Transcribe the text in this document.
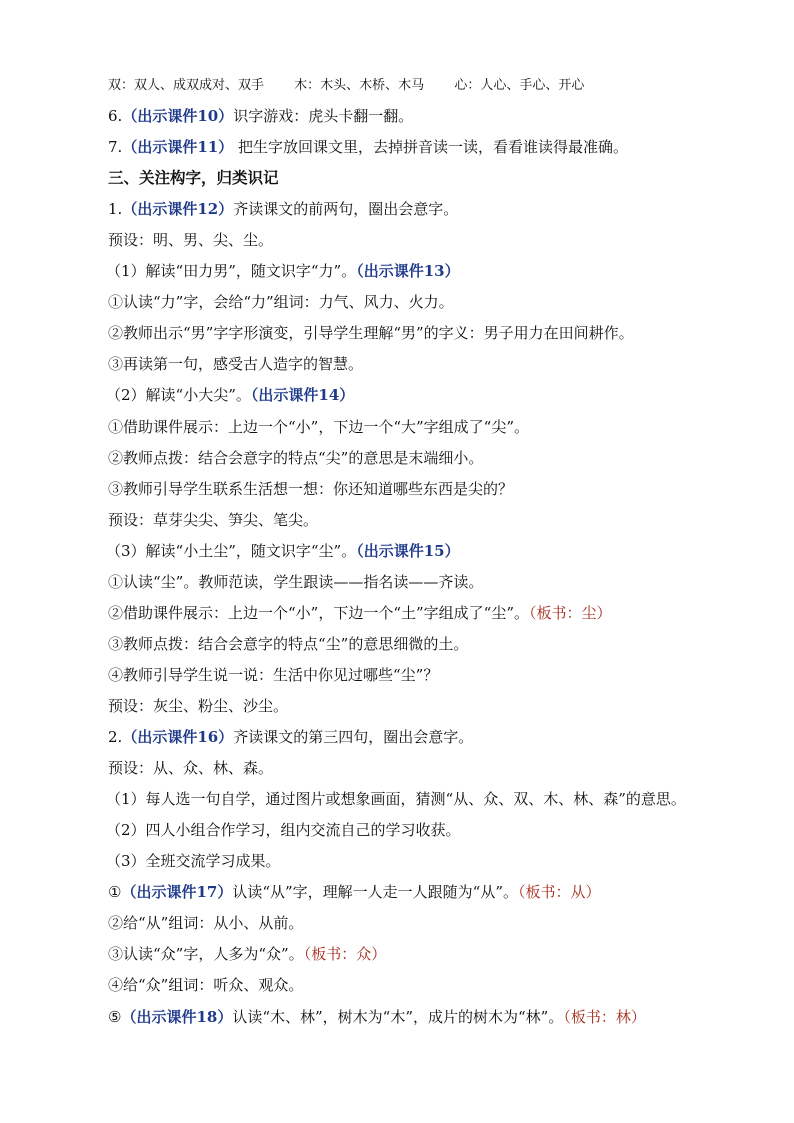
双：双人、成双成对、双手 木：木头、木桥、木马 心：人心、手心、开心
6.（出示课件10）识字游戏：虎头卡翻一翻。
7.（出示课件11） 把生字放回课文里，去掉拼音读一读，看看谁读得最准确。
三、关注构字，归类识记
1.（出示课件12）齐读课文的前两句，圈出会意字。
预设：明、男、尖、尘。
（1）解读“田力男”，随文识字“力”。（出示课件13）
①认读“力”字，会给“力”组词：力气、风力、火力。
②教师出示“男”字字形演变，引导学生理解“男”的字义：男子用力在田间耕作。
③再读第一句，感受古人造字的智慧。
（2）解读“小大尖”。（出示课件14）
①借助课件展示：上边一个“小”，下边一个“大”字组成了“尖”。
②教师点拨：结合会意字的特点“尖”的意思是末端细小。
③教师引导学生联系生活想一想：你还知道哪些东西是尖的？
预设：草芽尖尖、笋尖、笔尖。
（3）解读“小土尘”，随文识字“尘”。（出示课件15）
①认读“尘”。教师范读，学生跟读——指名读——齐读。
②借助课件展示：上边一个“小”，下边一个“土”字组成了“尘”。（板书：尘）
③教师点拨：结合会意字的特点“尘”的意思细微的土。
④教师引导学生说一说：生活中你见过哪些“尘”？
预设：灰尘、粉尘、沙尘。
2.（出示课件16）齐读课文的第三四句，圈出会意字。
预设：从、众、林、森。
（1）每人选一句自学，通过图片或想象画面，猜测“从、众、双、木、林、森”的意思。
（2）四人小组合作学习，组内交流自己的学习收获。
（3）全班交流学习成果。
①（出示课件17）认读“从”字，理解一人走一人跟随为“从”。（板书：从）
②给“从”组词：从小、从前。
③认读“众”字，人多为“众”。（板书：众）
④给“众”组词：听众、观众。
⑤（出示课件18）认读“木、林”，树木为“木”，成片的树木为“林”。（板书：林）
